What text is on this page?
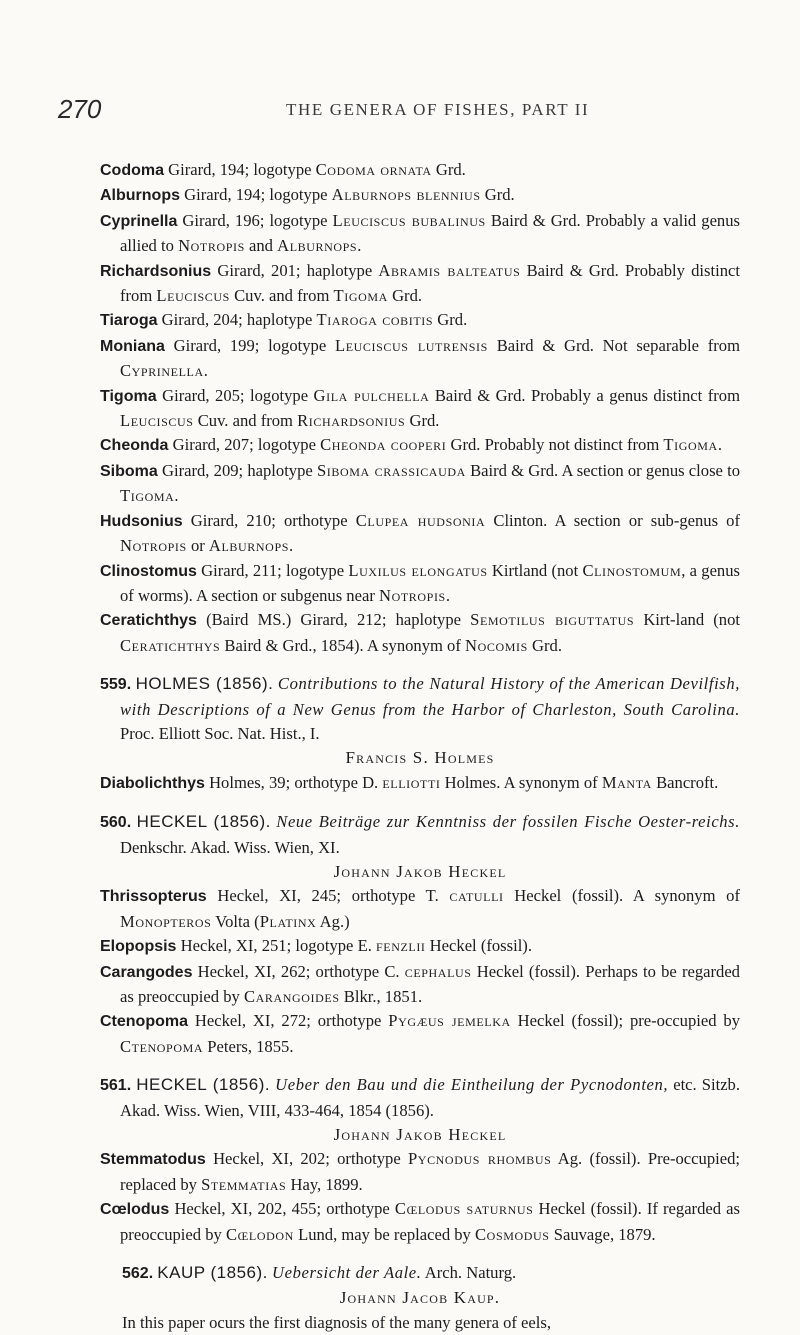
270	THE GENERA OF FISHES, PART II

Codoma Girard, 194; logotype Codoma ornata Grd.

Alburnops Girard, 194; logotype Alburnops blennius Grd.

Cyprinella Girard, 196; logotype Leuciscus bubalinus Baird & Grd. Probably a valid genus allied to Notropis and Alburnops.

Richardsonius Girard, 201; haplotype Abramis balteatus Baird & Grd. Probably distinct from Leuciscus Cuv. and from Tigoma Grd.

Tiaroga Girard, 204; haplotype Tiaroga cobitis Grd.

Moniana Girard, 199; logotype Leuciscus lutrensis Baird & Grd. Not separable from Cyprinella.

Tigoma Girard, 205; logotype Gila pulchella Baird & Grd. Probably a genus distinct from Leuciscus Cuv. and from Richardsonius Grd.

Cheonda Girard, 207; logotype Cheonda cooperi Grd. Probably not distinct from Tigoma.

Siboma Girard, 209; haplotype Siboma crassicauda Baird & Grd. A section or genus close to Tigoma.

Hudsonius Girard, 210; orthotype Clupea hudsonia Clinton. A section or sub-genus of Notropis or Alburnops.

Clinostomus Girard, 211; logotype Luxilus elongatus Kirtland (not Clinostomum, a genus of worms). A section or subgenus near Notropis.

Ceratichthys (Baird MS.) Girard, 212; haplotype Semotilus biguttatus Kirt-land (not Ceratichthys Baird & Grd., 1854). A synonym of Nocomis Grd.

559. HOLMES (1856). Contributions to the Natural History of the American Devilfish, with Descriptions of a New Genus from the Harbor of Charleston, South Carolina. Proc. Elliott Soc. Nat. Hist., I.

Francis S. Holmes

Diabolichthys Holmes, 39; orthotype D. elliotti Holmes. A synonym of Manta Bancroft.

560. HECKEL (1856). Neue Beiträge zur Kenntniss der fossilen Fische Oester-reichs. Denkschr. Akad. Wiss. Wien, XI.

Johann Jakob Heckel

Thrissopterus Heckel, XI, 245; orthotype T. catulli Heckel (fossil). A synonym of Monopteros Volta (Platinx Ag.)

Elopopsis Heckel, XI, 251; logotype E. fenzlii Heckel (fossil).

Carangodes Heckel, XI, 262; orthotype C. cephalus Heckel (fossil). Perhaps to be regarded as preoccupied by Carangoides Blkr., 1851.

Ctenopoma Heckel, XI, 272; orthotype Pygæus jemelka Heckel (fossil); pre-occupied by Ctenopoma Peters, 1855.

561. HECKEL (1856). Ueber den Bau und die Eintheilung der Pycnodonten, etc. Sitzb. Akad. Wiss. Wien, VIII, 433-464, 1854 (1856).

Johann Jakob Heckel

Stemmatodus Heckel, XI, 202; orthotype Pycnodus rhombus Ag. (fossil). Pre-occupied; replaced by Stemmatias Hay, 1899.

Cœlodus Heckel, XI, 202, 455; orthotype Cœlodus saturnus Heckel (fossil). If regarded as preoccupied by Cœlodon Lund, may be replaced by Cosmodus Sauvage, 1879.

562. KAUP (1856). Uebersicht der Aale. Arch. Naturg.

Johann Jacob Kaup.

In this paper ocurs the first diagnosis of the many genera of eels,
